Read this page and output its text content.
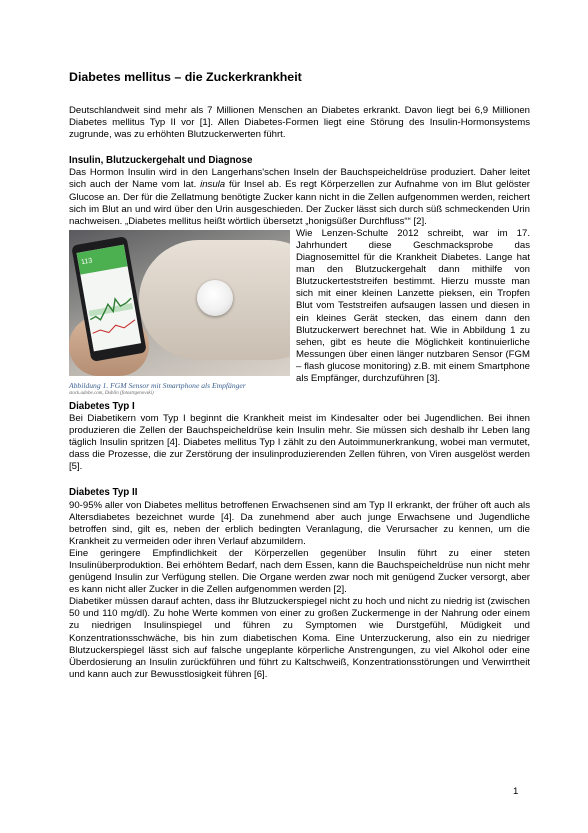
Diabetes mellitus – die Zuckerkrankheit

Deutschlandweit sind mehr als 7 Millionen Menschen an Diabetes erkrankt. Davon liegt bei 6,9 Millionen Diabetes mellitus Typ II vor [1]. Allen Diabetes-Formen liegt eine Störung des Insulin-Hormonsystems zugrunde, was zu erhöhten Blutzuckerwerten führt.

Insulin, Blutzuckergehalt und Diagnose

Das Hormon Insulin wird in den Langerhans'schen Inseln der Bauchspeicheldrüse produziert. Daher leitet sich auch der Name vom lat. insula für Insel ab. Es regt Körperzellen zur Aufnahme von im Blut gelöster Glucose an. Der für die Zellatmung benötigte Zucker kann nicht in die Zellen aufgenommen werden, reichert sich im Blut an und wird über den Urin ausgeschieden. Der Zucker lässt sich durch süß schmeckenden Urin nachweisen. „Diabetes mellitus heißt wörtlich übersetzt „honigsüßer Durchfluss““ [2].

113
Abbildung 1. FGM Sensor mit Smartphone als Empfänger
stock.adobe.com, Dublin (fotostrgenovski)
Wie Lenzen-Schulte 2012 schreibt, war im 17. Jahrhundert diese Geschmacksprobe das Diagnosemittel für die Krankheit Diabetes. Lange hat man den Blutzuckergehalt dann mithilfe von Blutzuckerteststreifen bestimmt. Hierzu musste man sich mit einer kleinen Lanzette pieksen, ein Tropfen Blut vom Teststreifen aufsaugen lassen und diesen in ein kleines Gerät stecken, das einem dann den Blutzuckerwert berechnet hat. Wie in Abbildung 1 zu sehen, gibt es heute die Möglichkeit kontinuierliche Messungen über einen länger nutzbaren Sensor (FGM – flash glucose monitoring) z.B. mit einem Smartphone als Empfänger, durchzuführen [3].

Diabetes Typ I

Bei Diabetikern vom Typ I beginnt die Krankheit meist im Kindesalter oder bei Jugendlichen. Bei ihnen produzieren die Zellen der Bauchspeicheldrüse kein Insulin mehr. Sie müssen sich deshalb ihr Leben lang täglich Insulin spritzen [4]. Diabetes mellitus Typ I zählt zu den Autoimmunerkrankung, wobei man vermutet, dass die Prozesse, die zur Zerstörung der insulinproduzierenden Zellen führen, von Viren ausgelöst werden [5].

Diabetes Typ II

90-95% aller von Diabetes mellitus betroffenen Erwachsenen sind am Typ II erkrankt, der früher oft auch als Altersdiabetes bezeichnet wurde [4]. Da zunehmend aber auch junge Erwachsene und Jugendliche betroffen sind, gilt es, neben der erblich bedingten Veranlagung, die Verursacher zu kennen, um die Krankheit zu vermeiden oder ihren Verlauf abzumildern.

Eine geringere Empfindlichkeit der Körperzellen gegenüber Insulin führt zu einer steten Insulinüberproduktion. Bei erhöhtem Bedarf, nach dem Essen, kann die Bauchspeicheldrüse nun nicht mehr genügend Insulin zur Verfügung stellen. Die Organe werden zwar noch mit genügend Zucker versorgt, aber es kann nicht aller Zucker in die Zellen aufgenommen werden [2].

Diabetiker müssen darauf achten, dass ihr Blutzuckerspiegel nicht zu hoch und nicht zu niedrig ist (zwischen 50 und 110 mg/dl). Zu hohe Werte kommen von einer zu großen Zuckermenge in der Nahrung oder einem zu niedrigen Insulinspiegel und führen zu Symptomen wie Durstgefühl, Müdigkeit und Konzentrationsschwäche, bis hin zum diabetischen Koma. Eine Unterzuckerung, also ein zu niedriger Blutzuckerspiegel lässt sich auf falsche ungeplante körperliche Anstrengungen, zu viel Alkohol oder eine Überdosierung an Insulin zurückführen und führt zu Kaltschweiß, Konzentrationsstörungen und Verwirrtheit und kann auch zur Bewusstlosigkeit führen [6].

1
